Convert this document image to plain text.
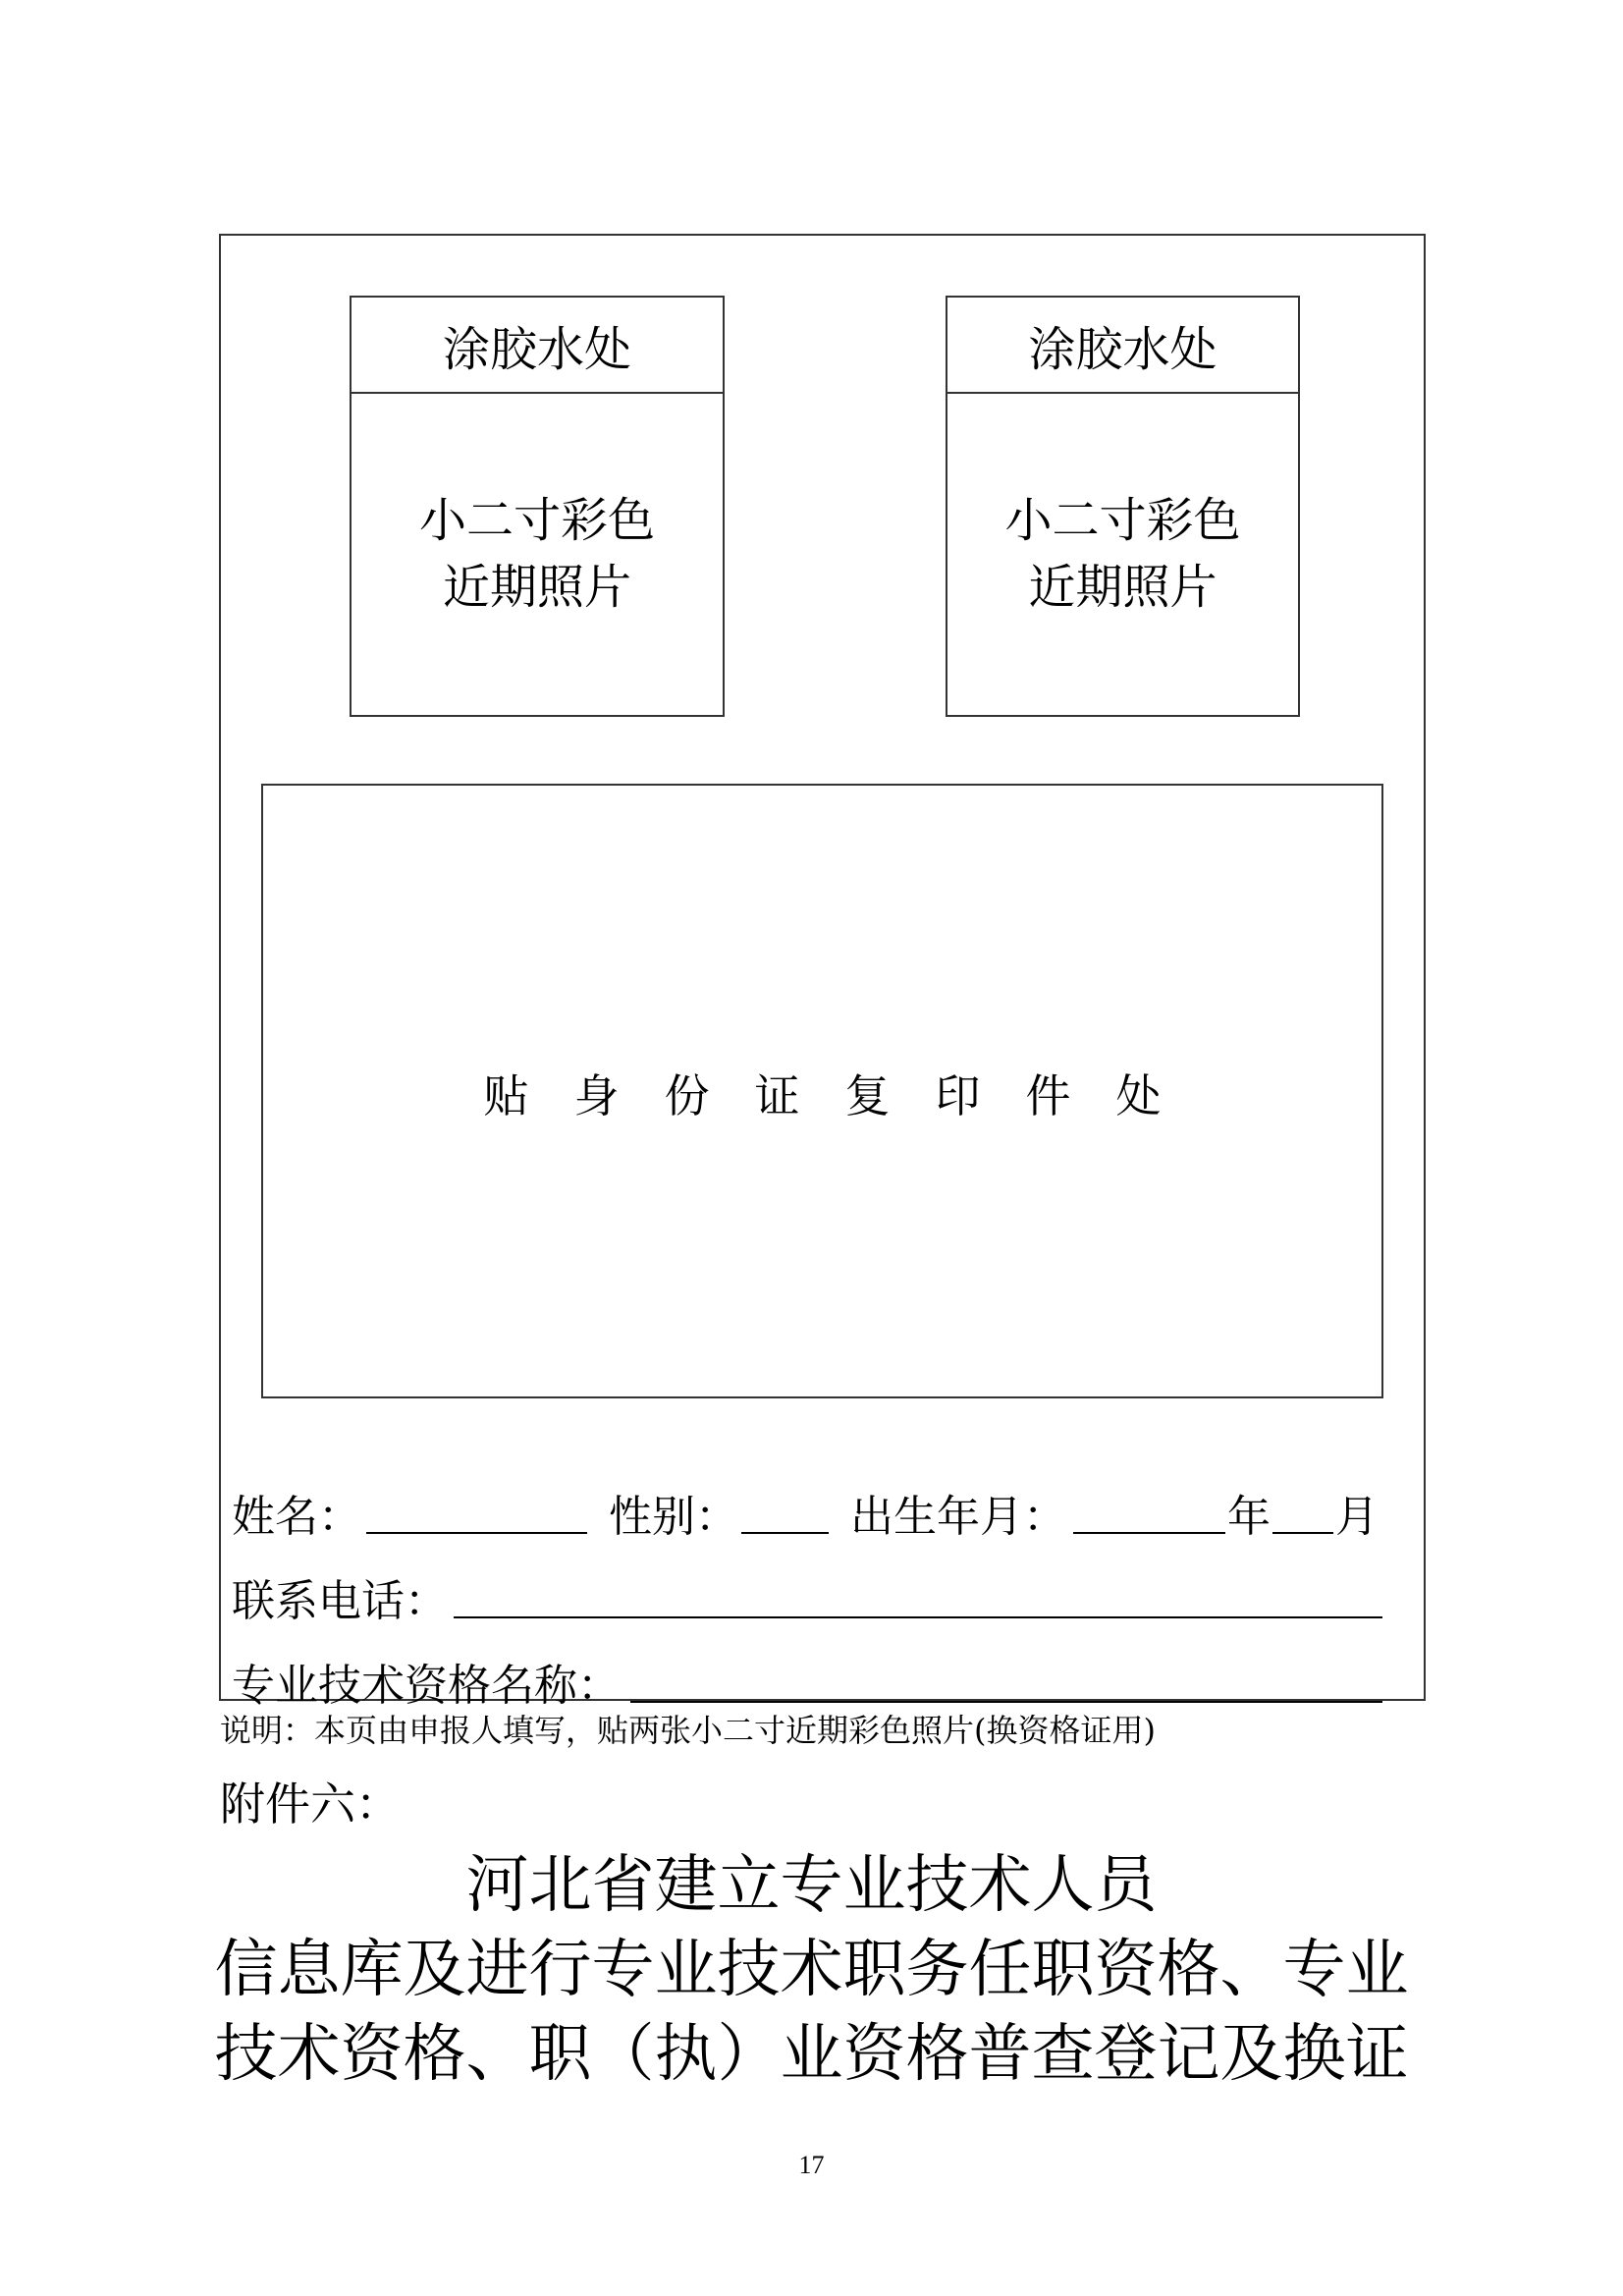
涂胶水处
小二寸彩色
近期照片
涂胶水处
小二寸彩色
近期照片
贴身份证复印件处
姓名：	性别：	出生年月：	年 月
联系电话：
专业技术资格名称：
说明：本页由申报人填写，贴两张小二寸近期彩色照片(换资格证用)
附件六：
河北省建立专业技术人员
信息库及进行专业技术职务任职资格、专业
技术资格、职（执）业资格普查登记及换证
17
